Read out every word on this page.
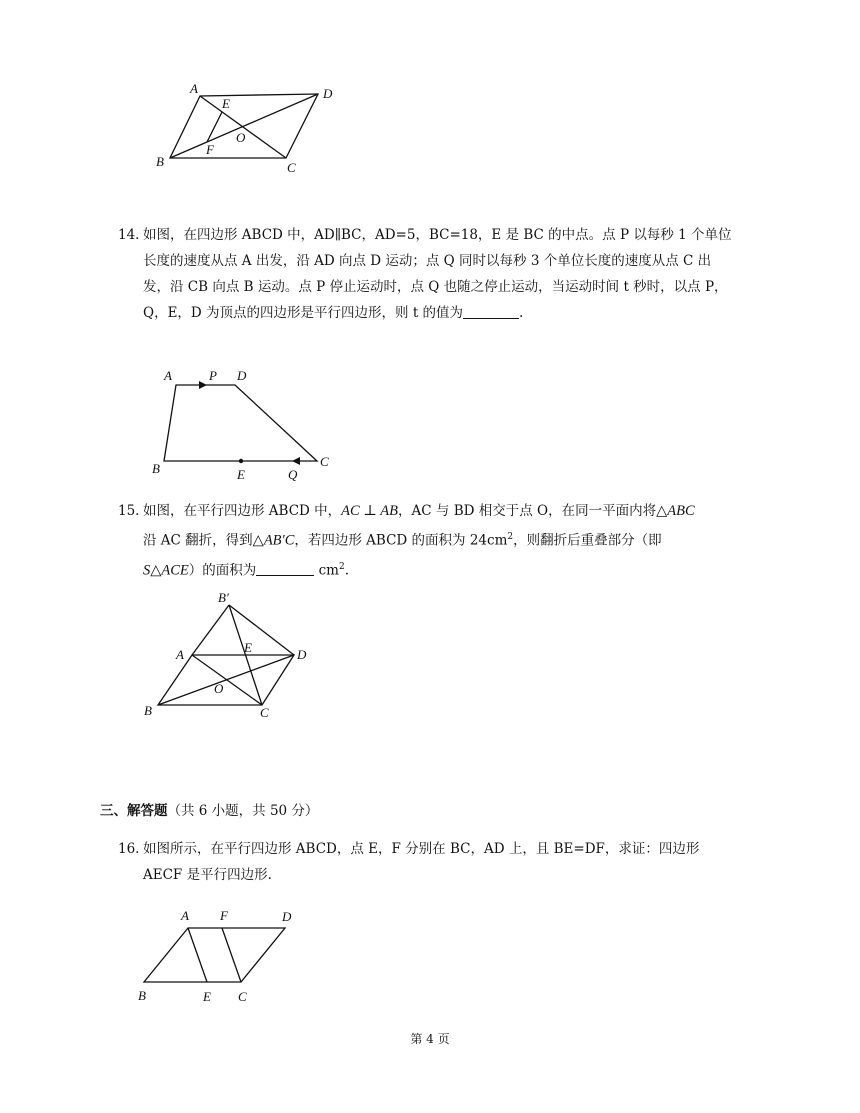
A	D
B	C
E
O
F
14. 如图，在四边形 ABCD 中，AD∥BC，AD=5，BC=18，E 是 BC 的中点。点 P 以每秒 1 个单位
长度的速度从点 A 出发，沿 AD 向点 D 运动；点 Q 同时以每秒 3 个单位长度的速度从点 C 出
发，沿 CB 向点 B 运动。点 P 停止运动时，点 Q 也随之停止运动，当运动时间 t 秒时，以点 P，
Q，E，D 为顶点的四边形是平行四边形，则 t 的值为	.
A	P D
B	E	Q
C
15. 如图，在平行四边形 ABCD 中，AC ⊥ AB，AC 与 BD 相交于点 O，在同一平面内将△ABC
沿 AC 翻折，得到△AB′C，若四边形 ABCD 的面积为 $24cm^2$，则翻折后重叠部分（即
S△ACE）的面积为	$cm^2$.
B′
A	E	D
O
B	C
三、解答题（共 6 小题，共 50 分）
16. 如图所示，在平行四边形 ABCD，点 E，F 分别在 BC，AD 上，且 BE=DF，求证：四边形
AECF 是平行四边形.
A F	D
B	E C
第 4 页
